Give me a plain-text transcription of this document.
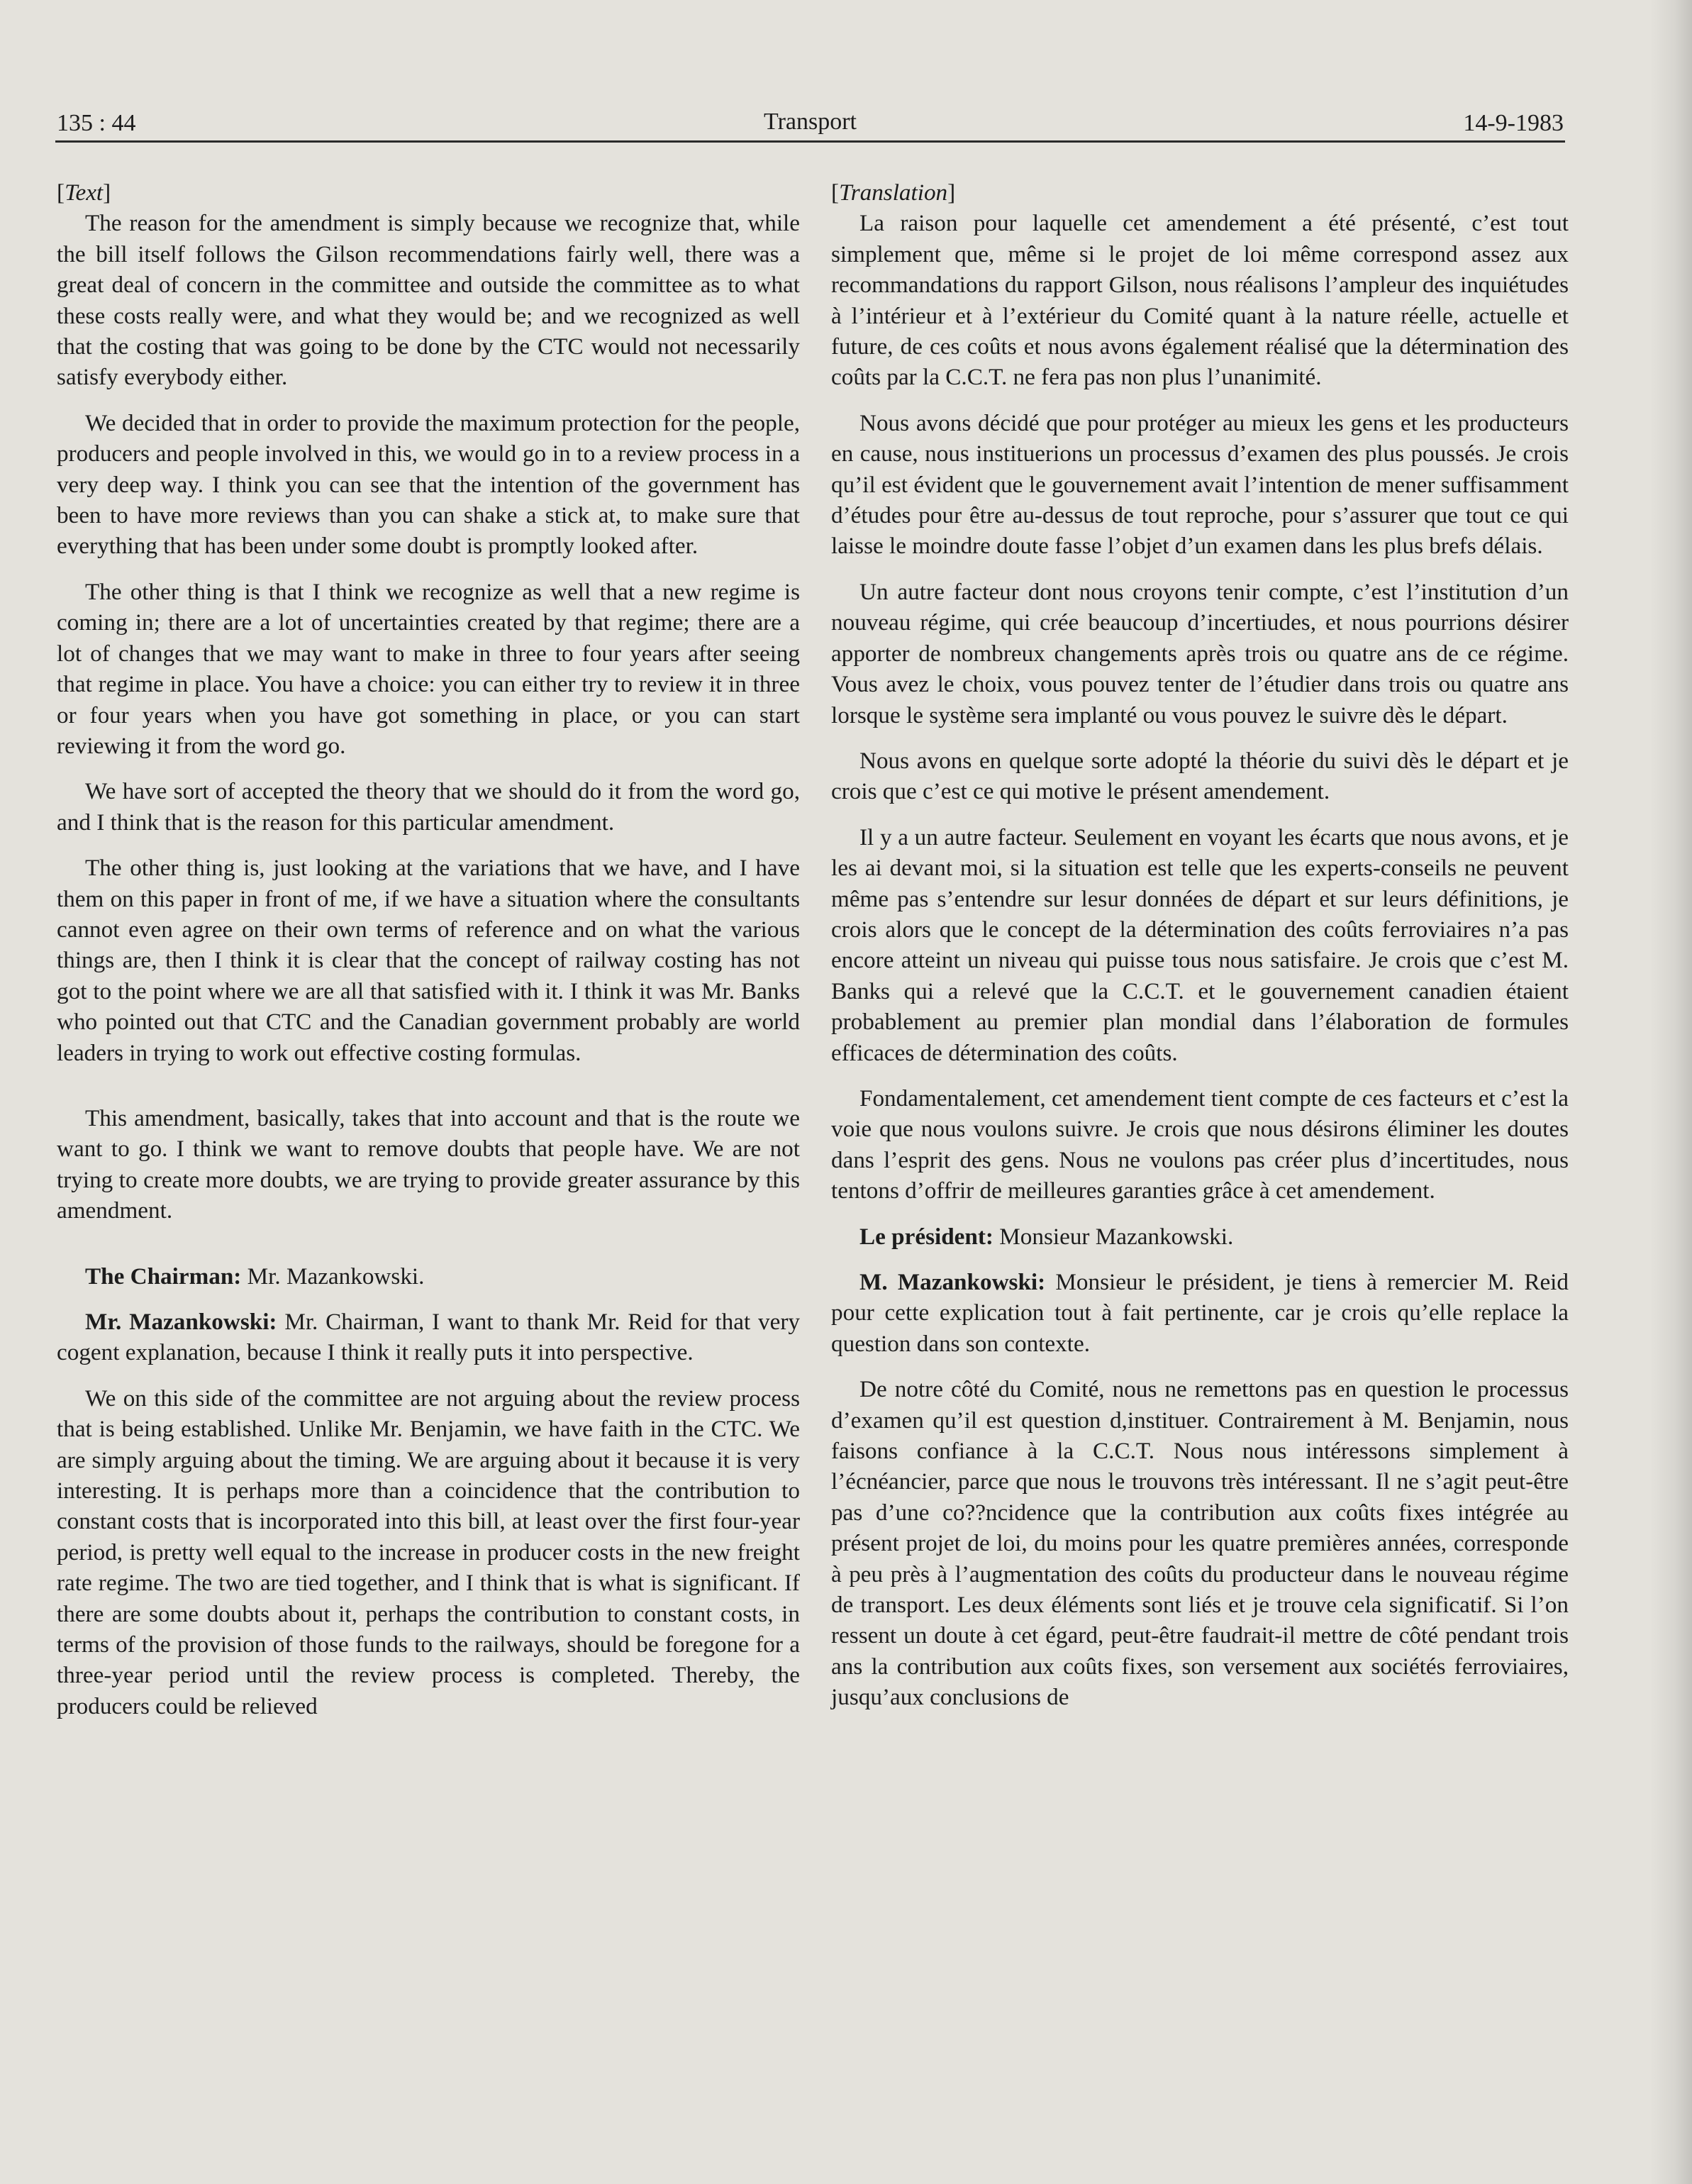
135 : 44	Transport	14-9-1983

[Text]

The reason for the amendment is simply because we recognize that, while the bill itself follows the Gilson recommendations fairly well, there was a great deal of concern in the committee and outside the committee as to what these costs really were, and what they would be; and we recognized as well that the costing that was going to be done by the CTC would not necessarily satisfy everybody either.

We decided that in order to provide the maximum protection for the people, producers and people involved in this, we would go in to a review process in a very deep way. I think you can see that the intention of the government has been to have more reviews than you can shake a stick at, to make sure that everything that has been under some doubt is promptly looked after.

The other thing is that I think we recognize as well that a new regime is coming in; there are a lot of uncertainties created by that regime; there are a lot of changes that we may want to make in three to four years after seeing that regime in place. You have a choice: you can either try to review it in three or four years when you have got something in place, or you can start reviewing it from the word go.

We have sort of accepted the theory that we should do it from the word go, and I think that is the reason for this particular amendment.

The other thing is, just looking at the variations that we have, and I have them on this paper in front of me, if we have a situation where the consultants cannot even agree on their own terms of reference and on what the various things are, then I think it is clear that the concept of railway costing has not got to the point where we are all that satisfied with it. I think it was Mr. Banks who pointed out that CTC and the Canadian government probably are world leaders in trying to work out effective costing formulas.

This amendment, basically, takes that into account and that is the route we want to go. I think we want to remove doubts that people have. We are not trying to create more doubts, we are trying to provide greater assurance by this amendment.

The Chairman: Mr. Mazankowski.

Mr. Mazankowski: Mr. Chairman, I want to thank Mr. Reid for that very cogent explanation, because I think it really puts it into perspective.

We on this side of the committee are not arguing about the review process that is being established. Unlike Mr. Benjamin, we have faith in the CTC. We are simply arguing about the timing. We are arguing about it because it is very interesting. It is perhaps more than a coincidence that the contribution to constant costs that is incorporated into this bill, at least over the first four-year period, is pretty well equal to the increase in producer costs in the new freight rate regime. The two are tied together, and I think that is what is significant. If there are some doubts about it, perhaps the contribution to constant costs, in terms of the provision of those funds to the railways, should be foregone for a three-year period until the review process is completed. Thereby, the producers could be relieved

[Translation]

La raison pour laquelle cet amendement a été présenté, c’est tout simplement que, même si le projet de loi même correspond assez aux recommandations du rapport Gilson, nous réalisons l’ampleur des inquiétudes à l’intérieur et à l’extérieur du Comité quant à la nature réelle, actuelle et future, de ces coûts et nous avons également réalisé que la détermination des coûts par la C.C.T. ne fera pas non plus l’unanimité.

Nous avons décidé que pour protéger au mieux les gens et les producteurs en cause, nous instituerions un processus d’examen des plus poussés. Je crois qu’il est évident que le gouvernement avait l’intention de mener suffisamment d’études pour être au-dessus de tout reproche, pour s’assurer que tout ce qui laisse le moindre doute fasse l’objet d’un examen dans les plus brefs délais.

Un autre facteur dont nous croyons tenir compte, c’est l’institution d’un nouveau régime, qui crée beaucoup d’incertiudes, et nous pourrions désirer apporter de nombreux changements après trois ou quatre ans de ce régime. Vous avez le choix, vous pouvez tenter de l’étudier dans trois ou quatre ans lorsque le système sera implanté ou vous pouvez le suivre dès le départ.

Nous avons en quelque sorte adopté la théorie du suivi dès le départ et je crois que c’est ce qui motive le présent amendement.

Il y a un autre facteur. Seulement en voyant les écarts que nous avons, et je les ai devant moi, si la situation est telle que les experts-conseils ne peuvent même pas s’entendre sur lesur données de départ et sur leurs définitions, je crois alors que le concept de la détermination des coûts ferroviaires n’a pas encore atteint un niveau qui puisse tous nous satisfaire. Je crois que c’est M. Banks qui a relevé que la C.C.T. et le gouvernement canadien étaient probablement au premier plan mondial dans l’élaboration de formules efficaces de détermination des coûts.

Fondamentalement, cet amendement tient compte de ces facteurs et c’est la voie que nous voulons suivre. Je crois que nous désirons éliminer les doutes dans l’esprit des gens. Nous ne voulons pas créer plus d’incertitudes, nous tentons d’offrir de meilleures garanties grâce à cet amendement.

Le président: Monsieur Mazankowski.

M. Mazankowski: Monsieur le président, je tiens à remercier M. Reid pour cette explication tout à fait pertinente, car je crois qu’elle replace la question dans son contexte.

De notre côté du Comité, nous ne remettons pas en question le processus d’examen qu’il est question d,instituer. Contrairement à M. Benjamin, nous faisons confiance à la C.C.T. Nous nous intéressons simplement à l’écnéancier, parce que nous le trouvons très intéressant. Il ne s’agit peut-être pas d’une co??ncidence que la contribution aux coûts fixes intégrée au présent projet de loi, du moins pour les quatre premières années, corresponde à peu près à l’augmentation des coûts du producteur dans le nouveau régime de transport. Les deux éléments sont liés et je trouve cela significatif. Si l’on ressent un doute à cet égard, peut-être faudrait-il mettre de côté pendant trois ans la contribution aux coûts fixes, son versement aux sociétés ferroviaires, jusqu’aux conclusions de
